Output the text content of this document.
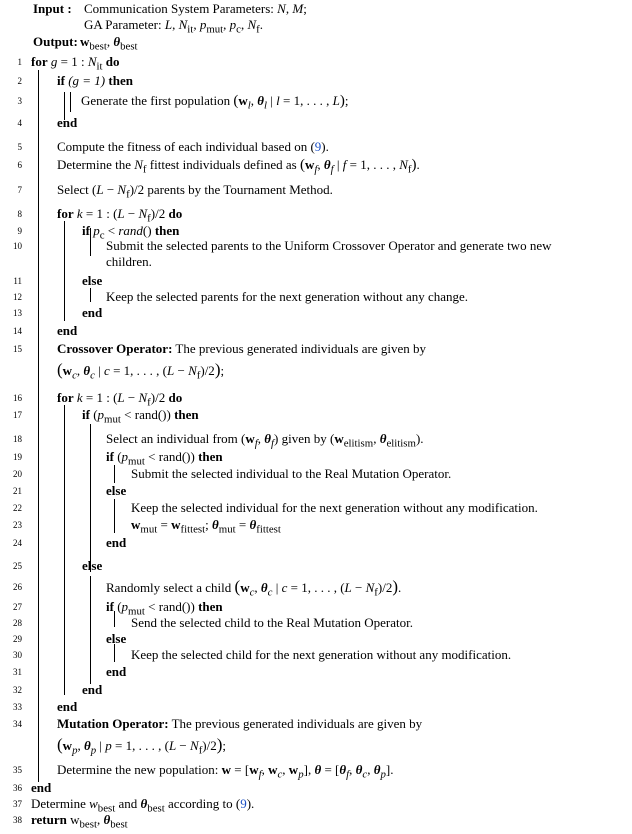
Input : Communication System Parameters: N, M;
GA Parameter: L, $N_{it}$, $p_{mut}$, $p_c$, $N_f$.
Output: $w_{best}$, $\theta_{best}$
1 for g = 1 : $N_{it}$ do
2	if (g = 1) then
3	Generate the first population ($w_l$, $\theta_l$ | l = 1, . . . , L);
4	end
5	Compute the fitness of each individual based on (9).
6	Determine the $N_f$ fittest individuals defined as ($w_f$, $\theta_f$ | f = 1, . . . , $N_f$).
7	Select $(L - N_f)/2$ parents by the Tournament Method.
8	for k = 1 : $(L - N_f)/2$ do
9	if $p_c$ < rand() then
10	Submit the selected parents to the Uniform Crossover Operator and generate two new
children.
11	else
12	Keep the selected parents for the next generation without any change.
13	end
14	end
15	Crossover Operator: The previous generated individuals are given by
($w_c$, $\theta_c$ | c = 1, . . . , $(L - N_f)/2$);
16	for k = 1 : $(L - N_f)/2$ do
17	if ($p_{mut}$ < rand()) then
18	Select an individual from ($w_f$, $\theta_f$) given by ($w_{elitism}$, $\theta_{elitism}$).
19	if ($p_{mut}$ < rand()) then
20	Submit the selected individual to the Real Mutation Operator.
21	else
22	Keep the selected individual for the next generation without any modification.
23	$w_{mut} = w_{fittest}$; $\theta_{mut} = \theta_{fittest}$
24	end
25	else
26	Randomly select a child ($w_c$, $\theta_c$ | c = 1, . . . , $(L - N_f)/2$).
27	if ($p_{mut}$ < rand()) then
28	Send the selected child to the Real Mutation Operator.
29	else
30	Keep the selected child for the next generation without any modification.
31	end
32	end
33	end
34	Mutation Operator: The previous generated individuals are given by
($w_p$, $\theta_p$ | p = 1, . . . , $(L - N_f)/2$);
35	Determine the new population: $w = [w_f$, $w_c$, $w_p$], $\theta = [\theta_f$, $\theta_c$, $\theta_p$].
36 end
37 Determine $w_{best}$ and $\theta_{best}$ according to (9).
38 return $w_{best}$, $\theta_{best}$
